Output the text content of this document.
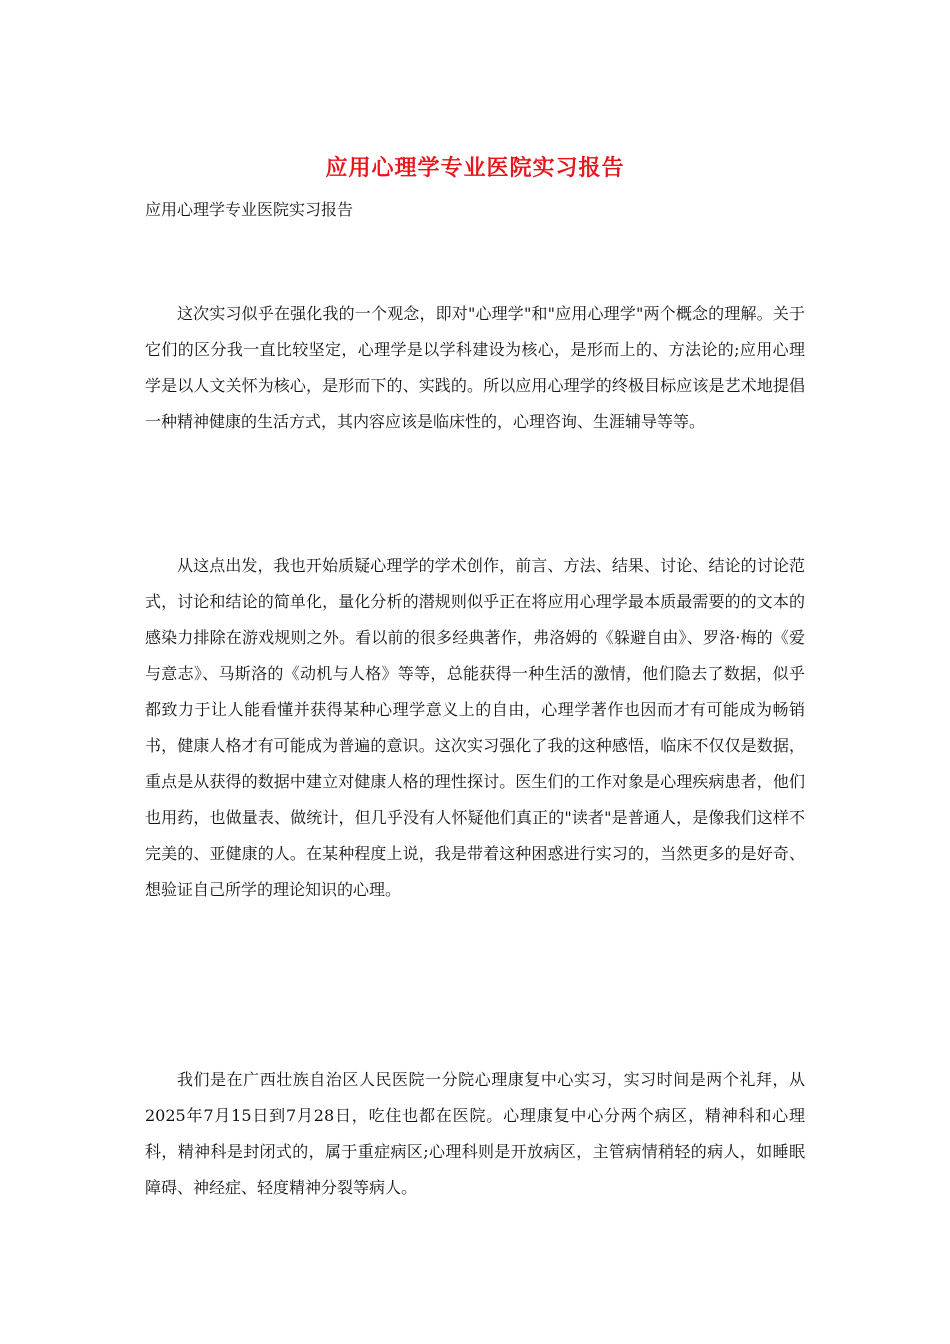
应用心理学专业医院实习报告
应用心理学专业医院实习报告

这次实习似乎在强化我的一个观念，即对"心理学"和"应用心理学"两个概念的理解。关于它们的区分我一直比较坚定，心理学是以学科建设为核心，是形而上的、方法论的;应用心理学是以人文关怀为核心，是形而下的、实践的。所以应用心理学的终极目标应该是艺术地提倡一种精神健康的生活方式，其内容应该是临床性的，心理咨询、生涯辅导等等。

从这点出发，我也开始质疑心理学的学术创作，前言、方法、结果、讨论、结论的讨论范式，讨论和结论的简单化，量化分析的潜规则似乎正在将应用心理学最本质最需要的的文本的感染力排除在游戏规则之外。看以前的很多经典著作，弗洛姆的《躲避自由》、罗洛·梅的《爱与意志》、马斯洛的《动机与人格》等等，总能获得一种生活的激情，他们隐去了数据，似乎都致力于让人能看懂并获得某种心理学意义上的自由，心理学著作也因而才有可能成为畅销书，健康人格才有可能成为普遍的意识。这次实习强化了我的这种感悟，临床不仅仅是数据，重点是从获得的数据中建立对健康人格的理性探讨。医生们的工作对象是心理疾病患者，他们也用药，也做量表、做统计，但几乎没有人怀疑他们真正的"读者"是普通人，是像我们这样不完美的、亚健康的人。在某种程度上说，我是带着这种困惑进行实习的，当然更多的是好奇、想验证自己所学的理论知识的心理。

我们是在广西壮族自治区人民医院一分院心理康复中心实习，实习时间是两个礼拜，从2025年7月15日到7月28日，吃住也都在医院。心理康复中心分两个病区，精神科和心理科，精神科是封闭式的，属于重症病区;心理科则是开放病区，主管病情稍轻的病人，如睡眠障碍、神经症、轻度精神分裂等病人。
